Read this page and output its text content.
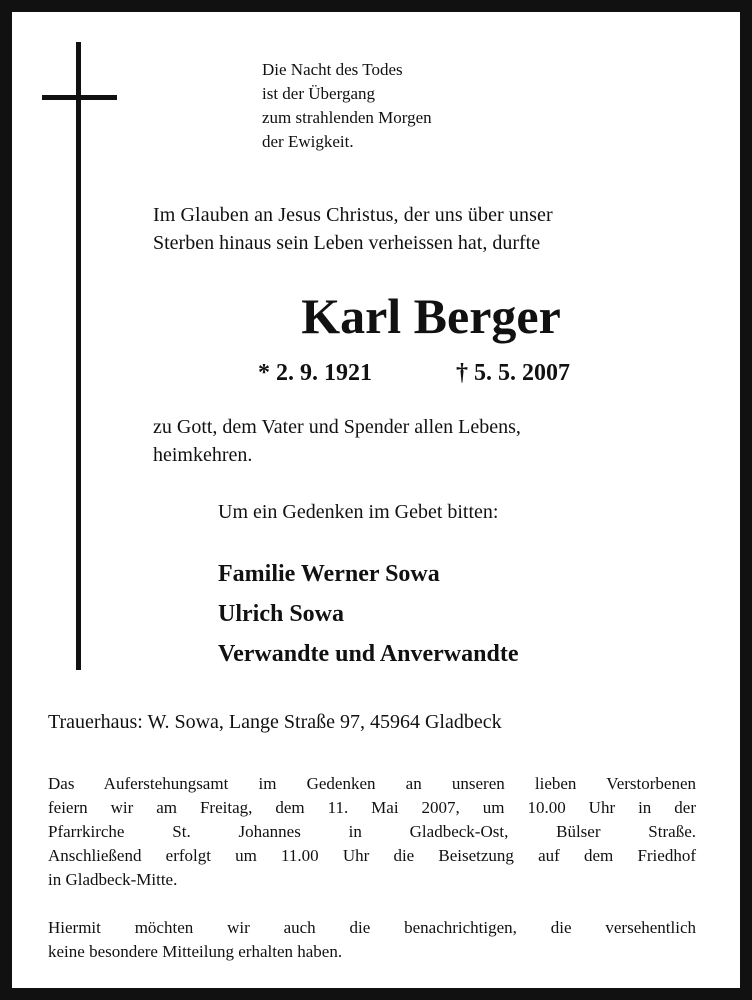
Die Nacht des Todes
ist der Übergang
zum strahlenden Morgen
der Ewigkeit.
Im Glauben an Jesus Christus, der uns über unser
Sterben hinaus sein Leben verheissen hat, durfte
Karl Berger
* 2. 9. 1921	† 5. 5. 2007
zu Gott, dem Vater und Spender allen Lebens,
heimkehren.
Um ein Gedenken im Gebet bitten:
Familie Werner Sowa
Ulrich Sowa
Verwandte und Anverwandte
Trauerhaus: W. Sowa, Lange Straße 97, 45964 Gladbeck
Das Auferstehungsamt im Gedenken an unseren lieben Verstorbenen
feiern wir am Freitag, dem 11. Mai 2007, um 10.00 Uhr in der
Pfarrkirche St. Johannes in Gladbeck-Ost, Bülser Straße.
Anschließend erfolgt um 11.00 Uhr die Beisetzung auf dem Friedhof
in Gladbeck-Mitte.
Hiermit möchten wir auch die benachrichtigen, die versehentlich
keine besondere Mitteilung erhalten haben.
